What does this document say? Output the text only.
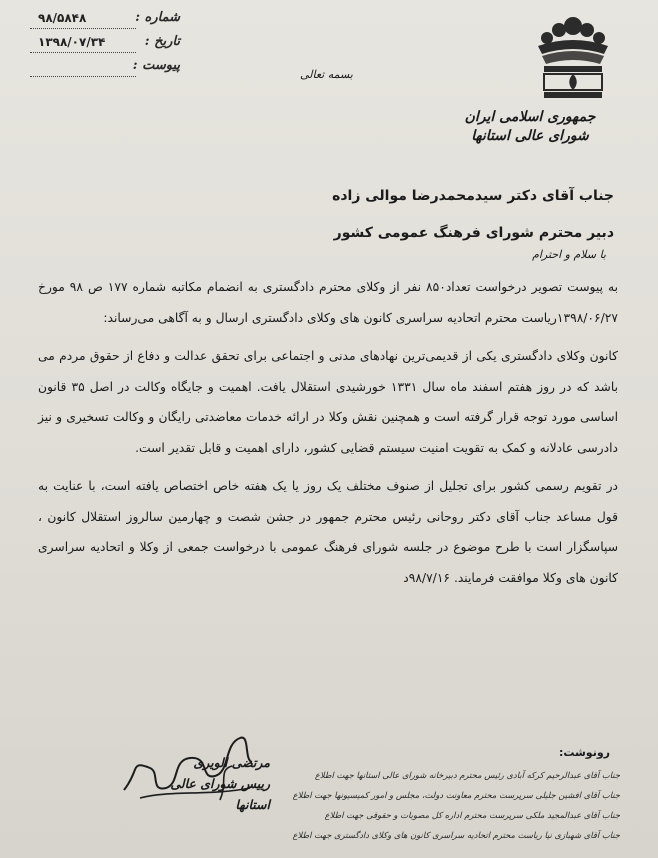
شماره :
۹۸/۵۸۴۸
تاریخ :
۱۳۹۸/۰۷/۳۴
پیوست :
بسمه تعالی
جمهوری اسلامی ایران
شورای عالی استانها
جناب آقای دکتر سیدمحمدرضا موالی زاده
دبیر محترم شورای فرهنگ عمومی کشور
با سلام و احترام

به پیوست تصویر درخواست تعداد۸۵۰ نفر از وکلای محترم دادگستری به انضمام مکاتبه شماره ۱۷۷ ص ۹۸ مورخ ۱۳۹۸/۰۶/۲۷ریاست محترم اتحادیه سراسری کانون های وکلای دادگستری ارسال و به آگاهی می‌رساند:

کانون وکلای دادگستری یکی از قدیمی‌ترین نهادهای مدنی و اجتماعی برای تحقق عدالت و دفاع از حقوق مردم می باشد که در روز هفتم اسفند ماه سال ۱۳۳۱ خورشیدی استقلال یافت. اهمیت و جایگاه وکالت در اصل ۳۵ قانون اساسی مورد توجه قرار گرفته است و همچنین نقش وکلا در ارائه خدمات معاضدتی رایگان و وکالت تسخیری و نیز دادرسی عادلانه و کمک به تقویت امنیت سیستم قضایی کشور، دارای اهمیت و قابل تقدیر است.

در تقویم رسمی کشور برای تجلیل از صنوف مختلف یک روز یا یک هفته خاص اختصاص یافته است، با عنایت به قول مساعد جناب آقای دکتر روحانی رئیس محترم جمهور در جشن شصت و چهارمین سالروز استقلال کانون ، سپاسگزار است با طرح موضوع در جلسه شورای فرهنگ عمومی با درخواست جمعی از وکلا و اتحادیه سراسری کانون های وکلا موافقت فرمایند. ۹۸/۷/۱۶د

مرتضی الویری
رییس شورای عالی استانها
رونوشت:
جناب آقای عبدالرحیم کرکه آبادی رئیس محترم دبیرخانه شورای عالی استانها جهت اطلاع
جناب آقای افشین جلیلی سرپرست محترم معاونت دولت، مجلس و امور کمیسیونها جهت اطلاع
جناب آقای عبدالمجید ملکی سرپرست محترم اداره کل مصوبات و حقوقی جهت اطلاع
جناب آقای شهبازی نیا ریاست محترم اتحادیه سراسری کانون های وکلای دادگستری جهت اطلاع
